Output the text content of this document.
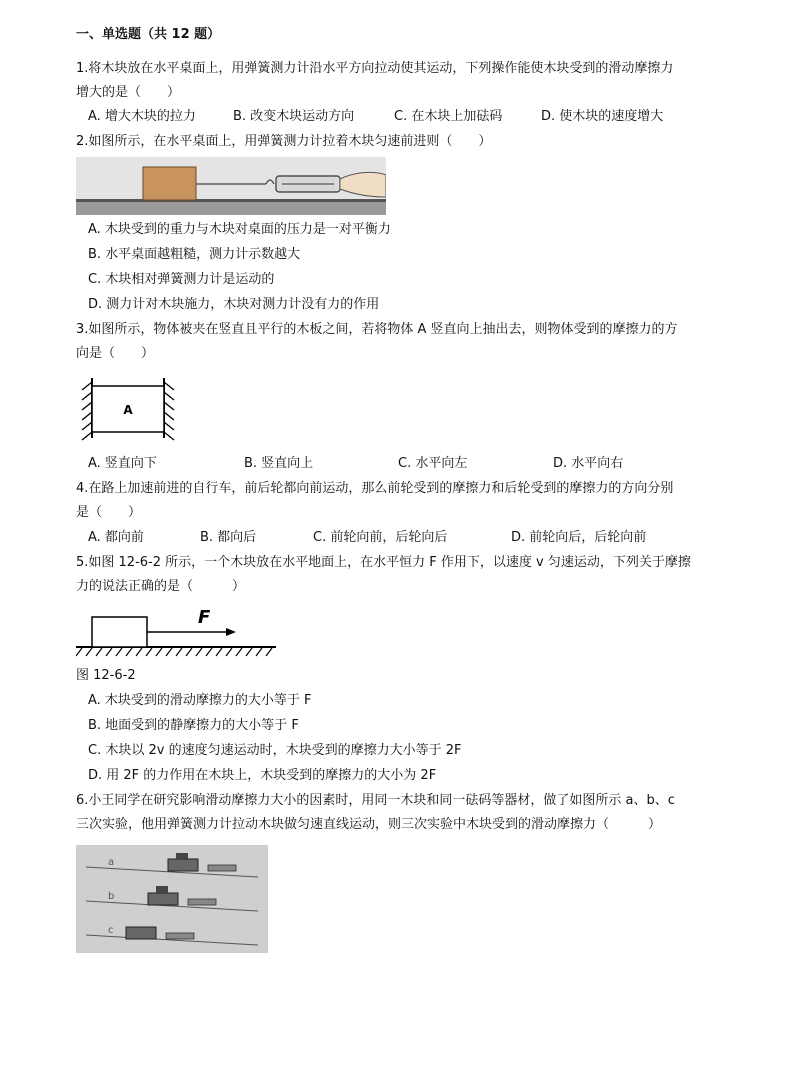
一、单选题（共 12 题）
1.将木块放在水平桌面上，用弹簧测力计沿水平方向拉动使其运动，下列操作能使木块受到的滑动摩擦力
增大的是（　　）
A. 增大木块的拉力	B. 改变木块运动方向	C. 在木块上加砝码	D. 使木块的速度增大
2.如图所示，在水平桌面上，用弹簧测力计拉着木块匀速前进则（　　）
A. 木块受到的重力与木块对桌面的压力是一对平衡力
B. 水平桌面越粗糙，测力计示数越大
C. 木块相对弹簧测力计是运动的
D. 测力计对木块施力，木块对测力计没有力的作用
3.如图所示，物体被夹在竖直且平行的木板之间，若将物体 A 竖直向上抽出去，则物体受到的摩擦力的方
向是（　　）
A
A. 竖直向下	B. 竖直向上	C. 水平向左	D. 水平向右
4.在路上加速前进的自行车，前后轮都向前运动，那么前轮受到的摩擦力和后轮受到的摩擦力的方向分别
是（　　）
A. 都向前	B. 都向后	C. 前轮向前，后轮向后	D. 前轮向后，后轮向前
5.如图 12-6-2 所示，一个木块放在水平地面上，在水平恒力 F 作用下，以速度 v 匀速运动，下列关于摩擦
力的说法正确的是（　　　）
F
图 12-6-2
A. 木块受到的滑动摩擦力的大小等于 F
B. 地面受到的静摩擦力的大小等于 F
C. 木块以 2v 的速度匀速运动时，木块受到的摩擦力大小等于 2F
D. 用 2F 的力作用在木块上，木块受到的摩擦力的大小为 2F
6.小王同学在研究影响滑动摩擦力大小的因素时，用同一木块和同一砝码等器材，做了如图所示 a、b、c
三次实验，他用弹簧测力计拉动木块做匀速直线运动，则三次实验中木块受到的滑动摩擦力（　　　）
a
b
c
